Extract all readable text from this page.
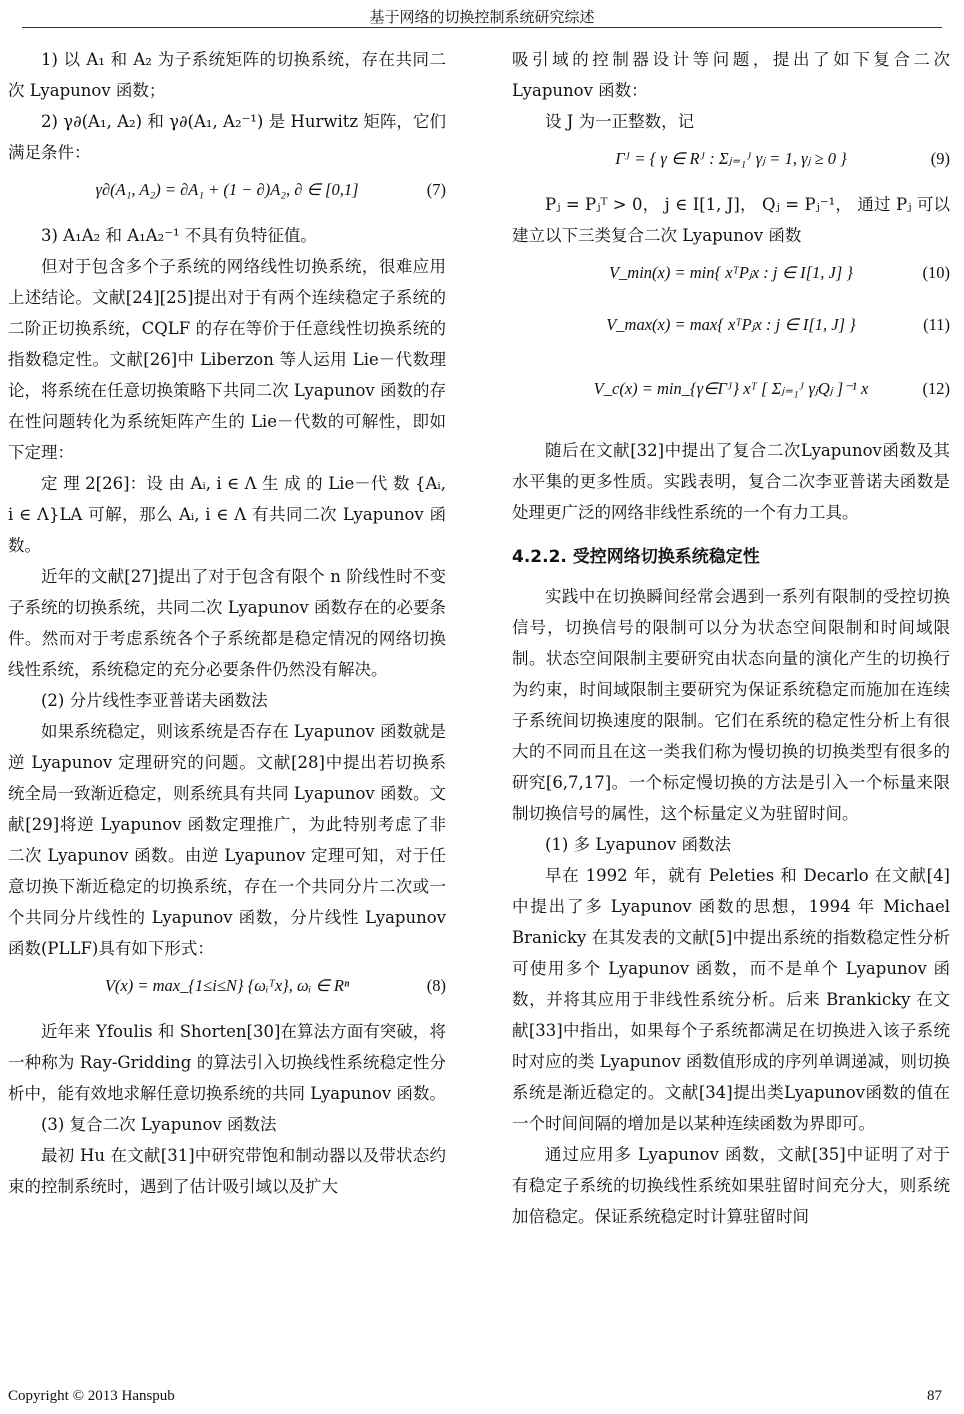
基于网络的切换控制系统研究综述

1) 以 A₁ 和 A₂ 为子系统矩阵的切换系统，存在共同二次 Lyapunov 函数；

2) γ∂(A₁, A₂) 和 γ∂(A₁, A₂⁻¹) 是 Hurwitz 矩阵，它们满足条件：

γ∂(A₁, A₂) = ∂A₁ + (1 − ∂)A₂, ∂ ∈ [0,1]	(7)

3) A₁A₂ 和 A₁A₂⁻¹ 不具有负特征值。

但对于包含多个子系统的网络线性切换系统，很难应用上述结论。文献[24][25]提出对于有两个连续稳定子系统的二阶正切换系统，CQLF 的存在等价于任意线性切换系统的指数稳定性。文献[26]中 Liberzon 等人运用 Lie－代数理论，将系统在任意切换策略下共同二次 Lyapunov 函数的存在性问题转化为系统矩阵产生的 Lie－代数的可解性，即如下定理：

定 理 2[26]：设 由 Aᵢ, i ∈ Λ 生 成 的 Lie－代 数 {Aᵢ, i ∈ Λ}LA 可解，那么 Aᵢ, i ∈ Λ 有共同二次 Lyapunov 函数。

近年的文献[27]提出了对于包含有限个 n 阶线性时不变子系统的切换系统，共同二次 Lyapunov 函数存在的必要条件。然而对于考虑系统各个子系统都是稳定情况的网络切换线性系统，系统稳定的充分必要条件仍然没有解决。

(2) 分片线性李亚普诺夫函数法

如果系统稳定，则该系统是否存在 Lyapunov 函数就是逆 Lyapunov 定理研究的问题。文献[28]中提出若切换系统全局一致渐近稳定，则系统具有共同 Lyapunov 函数。文献[29]将逆 Lyapunov 函数定理推广，为此特别考虑了非二次 Lyapunov 函数。由逆 Lyapunov 定理可知，对于任意切换下渐近稳定的切换系统，存在一个共同分片二次或一个共同分片线性的 Lyapunov 函数，分片线性 Lyapunov 函数(PLLF)具有如下形式：

V(x) = max_{1≤i≤N} {ωᵢᵀx}, ωᵢ ∈ Rⁿ	(8)

近年来 Yfoulis 和 Shorten[30]在算法方面有突破，将一种称为 Ray-Gridding 的算法引入切换线性系统稳定性分析中，能有效地求解任意切换系统的共同 Lyapunov 函数。

(3) 复合二次 Lyapunov 函数法

最初 Hu 在文献[31]中研究带饱和制动器以及带状态约束的控制系统时，遇到了估计吸引域以及扩大

吸引域的控制器设计等问题，提出了如下复合二次 Lyapunov 函数：

设 J 为一正整数，记

Γᴶ = { γ ∈ Rᴶ : Σⱼ₌₁ᴶ γⱼ = 1, γⱼ ≥ 0 }	(9)

Pⱼ = Pⱼᵀ > 0， j ∈ I[1, J]， Qⱼ = Pⱼ⁻¹， 通过 Pⱼ 可以建立以下三类复合二次 Lyapunov 函数

V_min(x) = min{ xᵀPⱼx : j ∈ I[1, J] }	(10)
V_max(x) = max{ xᵀPⱼx : j ∈ I[1, J] }	(11)
V_c(x) = min_{γ∈Γᴶ} xᵀ [ Σⱼ₌₁ᴶ γⱼQⱼ ]⁻¹ x	(12)

随后在文献[32]中提出了复合二次Lyapunov函数及其水平集的更多性质。实践表明，复合二次李亚普诺夫函数是处理更广泛的网络非线性系统的一个有力工具。

4.2.2. 受控网络切换系统稳定性

实践中在切换瞬间经常会遇到一系列有限制的受控切换信号，切换信号的限制可以分为状态空间限制和时间域限制。状态空间限制主要研究由状态向量的演化产生的切换行为约束，时间域限制主要研究为保证系统稳定而施加在连续子系统间切换速度的限制。它们在系统的稳定性分析上有很大的不同而且在这一类我们称为慢切换的切换类型有很多的研究[6,7,17]。一个标定慢切换的方法是引入一个标量来限制切换信号的属性，这个标量定义为驻留时间。

(1) 多 Lyapunov 函数法

早在 1992 年，就有 Peleties 和 Decarlo 在文献[4]中提出了多 Lyapunov 函数的思想，1994 年 Michael Branicky 在其发表的文献[5]中提出系统的指数稳定性分析可使用多个 Lyapunov 函数，而不是单个 Lyapunov 函数，并将其应用于非线性系统分析。后来 Brankicky 在文献[33]中指出，如果每个子系统都满足在切换进入该子系统时对应的类 Lyapunov 函数值形成的序列单调递减，则切换系统是渐近稳定的。文献[34]提出类Lyapunov函数的值在一个时间间隔的增加是以某种连续函数为界即可。

通过应用多 Lyapunov 函数，文献[35]中证明了对于有稳定子系统的切换线性系统如果驻留时间充分大，则系统加倍稳定。保证系统稳定时计算驻留时间

Copyright © 2013 Hanspub	87
